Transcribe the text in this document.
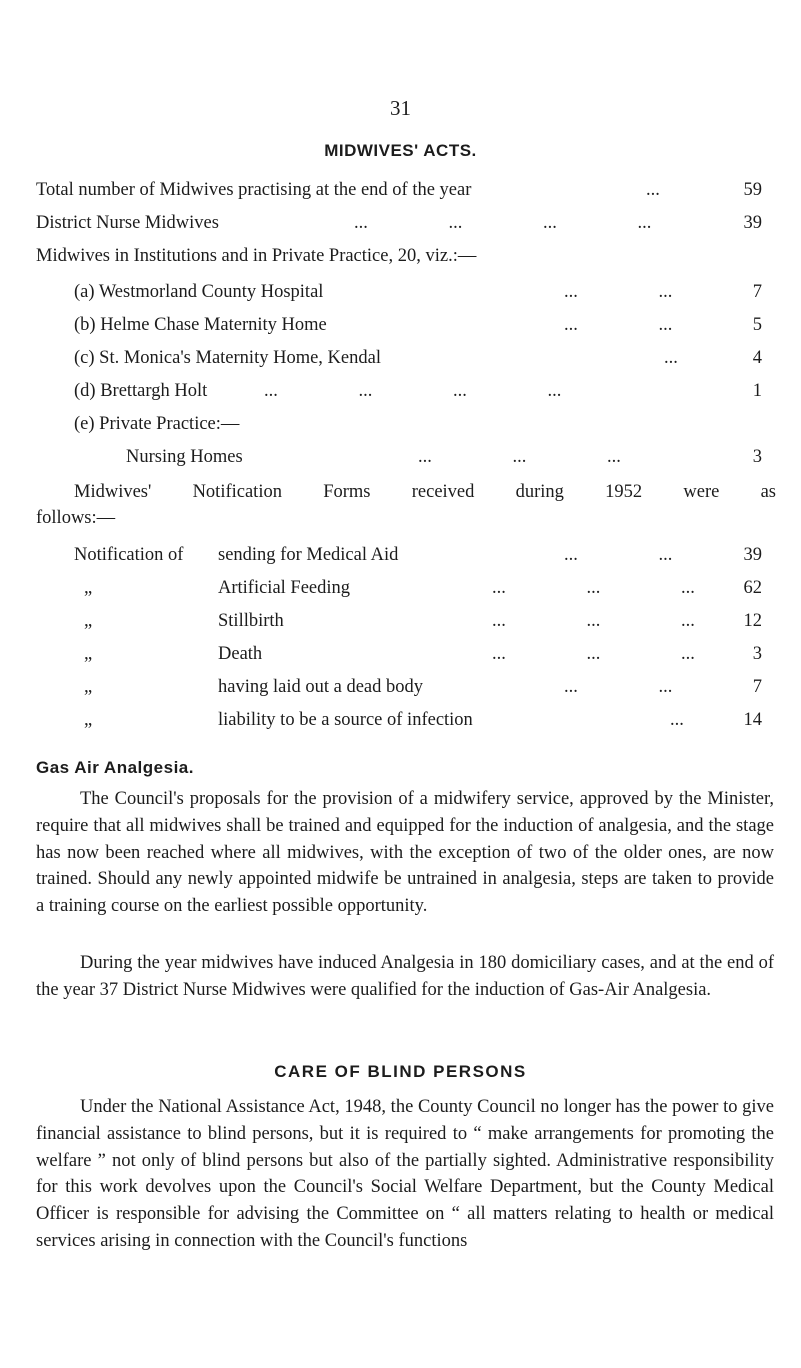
31
MIDWIVES' ACTS.
Total number of Midwives practising at the end of the year	...	59
District Nurse Midwives	... ... ... ...	39
Midwives in Institutions and in Private Practice, 20, viz.:—
(a) Westmorland County Hospital	... ...	7
(b) Helme Chase Maternity Home	... ...	5
(c) St. Monica's Maternity Home, Kendal	...	4
(d) Brettargh Holt	... ... ... ...	1
(e) Private Practice:—
Nursing Homes	... ... ...	3
Midwives' Notification Forms received during 1952 were as
follows:—
Notification of sending for Medical Aid	... ...	39
„	Artificial Feeding	... ... ...	62
„	Stillbirth	... ... ...	12
„	Death	... ... ...	3
„	having laid out a dead body	... ...	7
„	liability to be a source of infection	...	14
Gas Air Analgesia.

The Council's proposals for the provision of a midwifery service, approved by the Minister, require that all midwives shall be trained and equipped for the induction of analgesia, and the stage has now been reached where all midwives, with the exception of two of the older ones, are now trained. Should any newly appointed midwife be untrained in analgesia, steps are taken to provide a training course on the earliest possible opportunity.

During the year midwives have induced Analgesia in 180 domiciliary cases, and at the end of the year 37 District Nurse Midwives were qualified for the induction of Gas-Air Analgesia.

CARE OF BLIND PERSONS

Under the National Assistance Act, 1948, the County Council no longer has the power to give financial assistance to blind persons, but it is required to “ make arrangements for promoting the welfare ” not only of blind persons but also of the partially sighted. Administrative responsibility for this work devolves upon the Council's Social Welfare Department, but the County Medical Officer is responsible for advising the Committee on “ all matters relating to health or medical services arising in connection with the Council's functions
